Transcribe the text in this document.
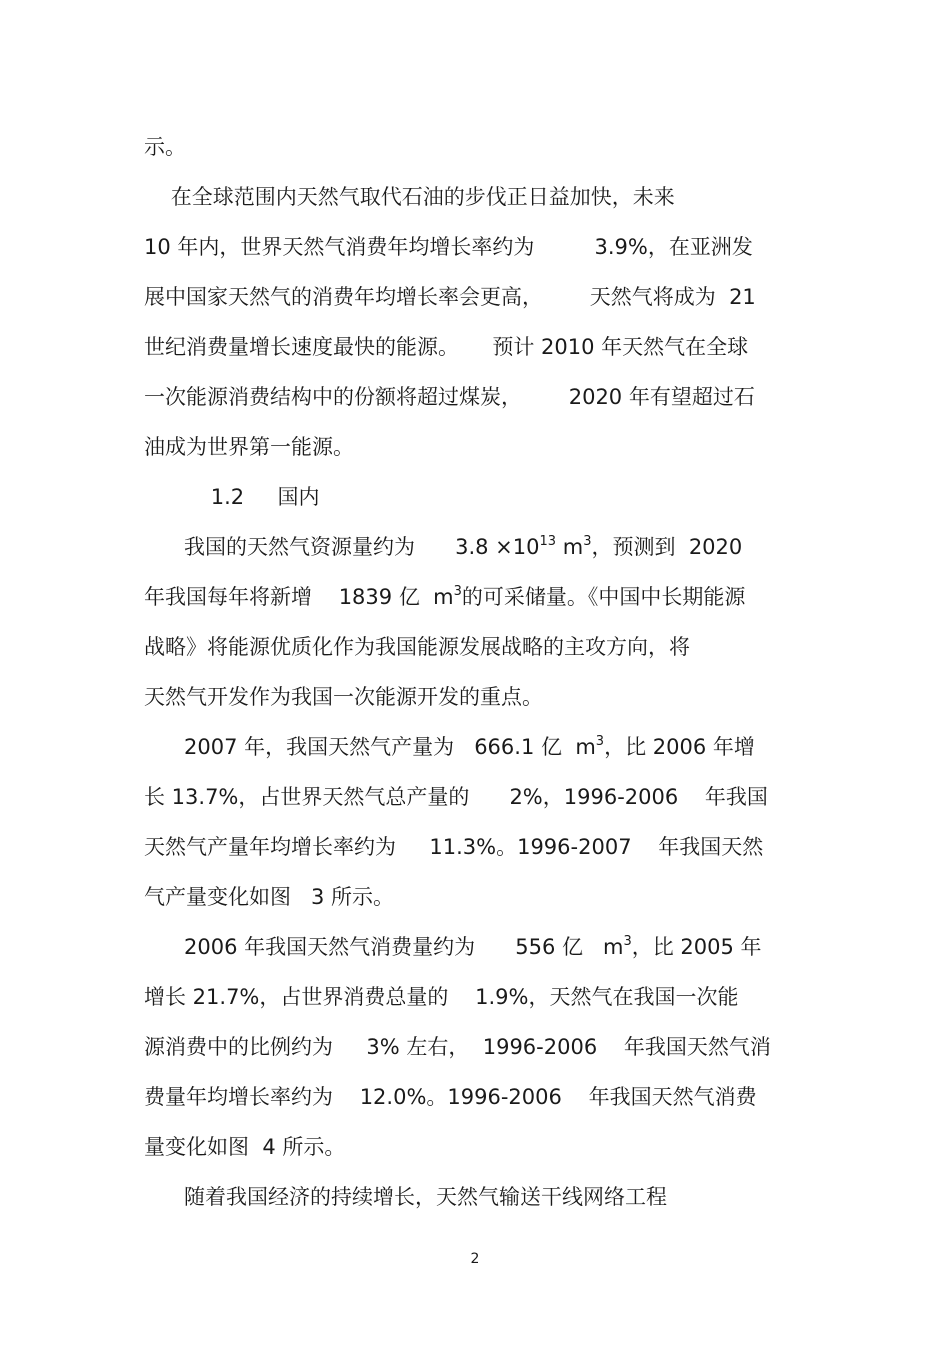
示。

在全球范围内天然气取代石油的步伐正日益加快，未来

10 年内，世界天然气消费年均增长率约为         3.9%，在亚洲发

展中国家天然气的消费年均增长率会更高，       天然气将成为  21

世纪消费量增长速度最快的能源。     预计 2010 年天然气在全球

一次能源消费结构中的份额将超过煤炭，       2020 年有望超过石

油成为世界第一能源。

1.2     国内

我国的天然气资源量约为      $3.8 \times 10^{13}$ $m^3$，预测到  2020

年我国每年将新增    1839 亿  $m^3$的可采储量。《中国中长期能源

战略》将能源优质化作为我国能源发展战略的主攻方向，将

天然气开发作为我国一次能源开发的重点。

2007 年，我国天然气产量为   666.1 亿  $m^3$，比 2006 年增

长 13.7%，占世界天然气总产量的      2%，1996-2006    年我国

天然气产量年均增长率约为     11.3%。1996-2007    年我国天然

气产量变化如图   3 所示。

2006 年我国天然气消费量约为      556 亿   $m^3$，比 2005 年

增长 21.7%，占世界消费总量的    1.9%，天然气在我国一次能

源消费中的比例约为     3% 左右，  1996-2006    年我国天然气消

费量年均增长率约为    12.0%。1996-2006    年我国天然气消费

量变化如图  4 所示。

随着我国经济的持续增长，天然气输送干线网络工程

2
